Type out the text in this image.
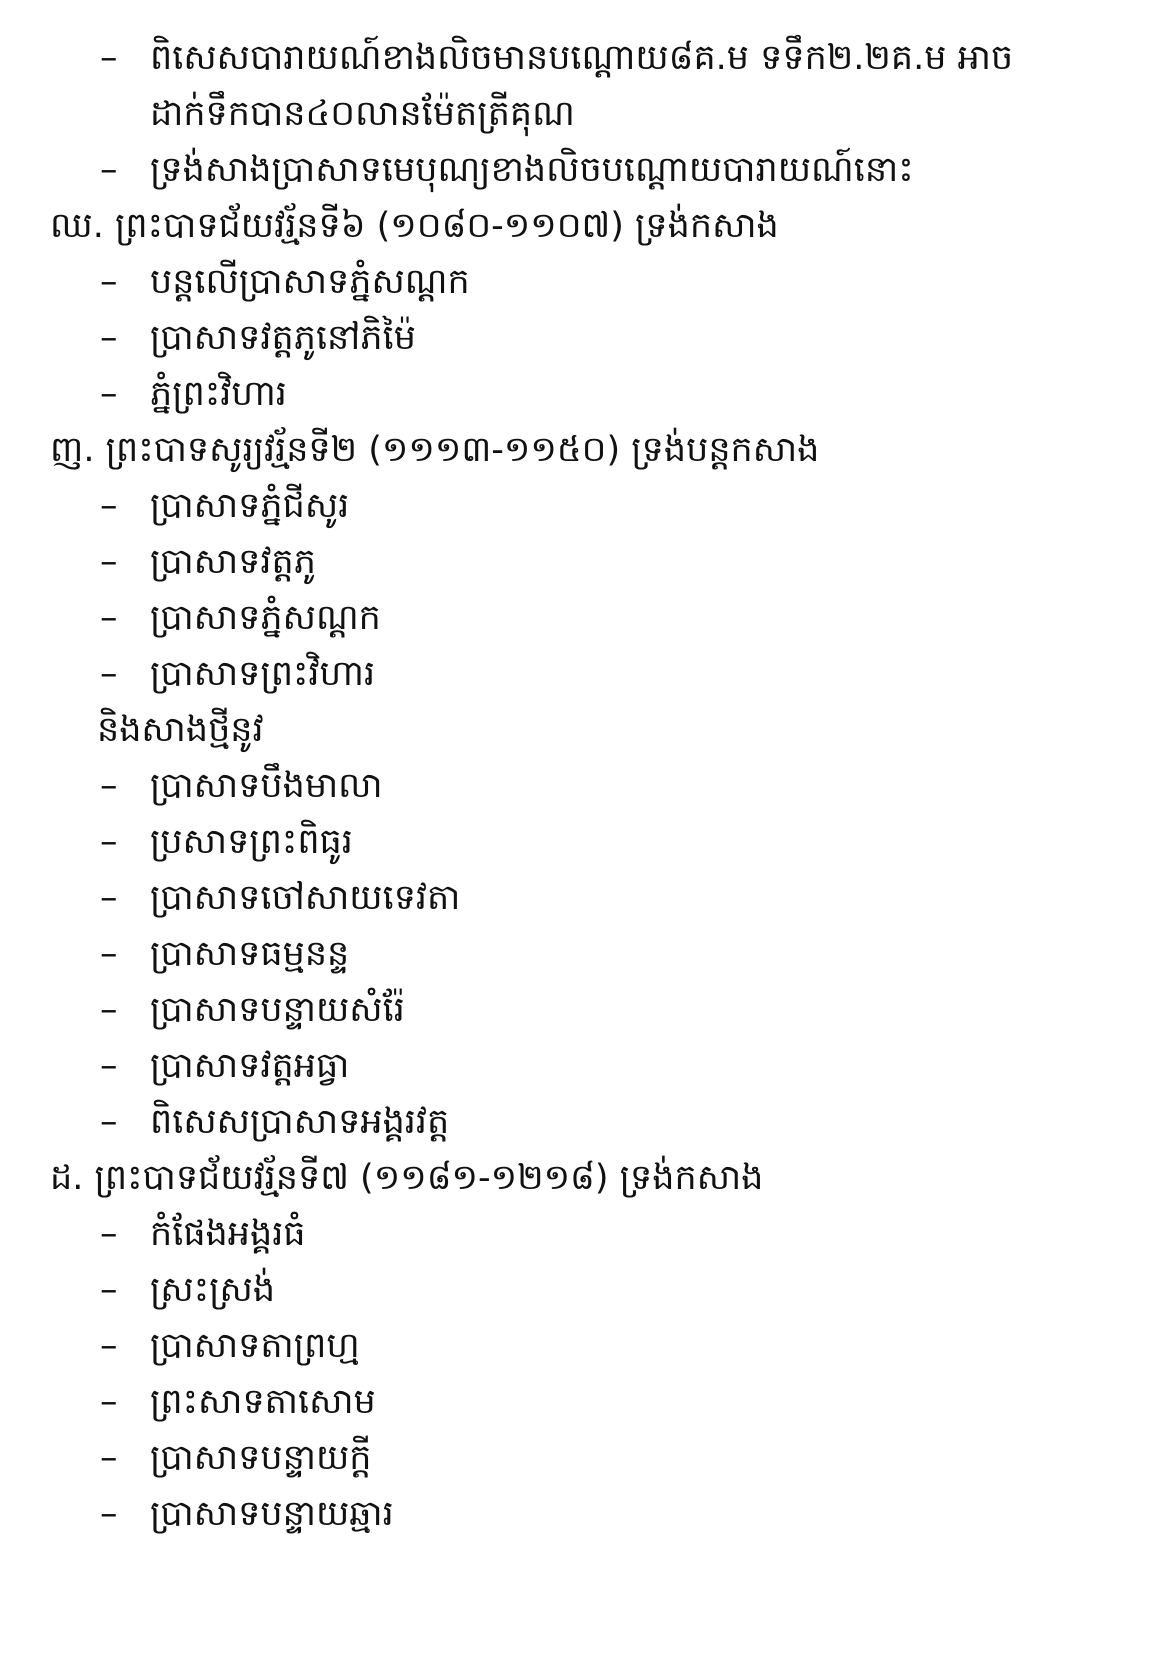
– ពិសេសបារាយណ៍ខាងលិចមានបណ្ដោយ៨គ.ម ទទឹក២.២គ.ម អាច
ដាក់ទឹកបាន៤០លានម៉ែតត្រីគុណ
– ទ្រង់សាងប្រាសាទមេបុណ្យខាងលិចបណ្ដោយបារាយណ៍នោះ
ឈ. ព្រះបាទជ័យវរ្ម័នទី៦ (១០៨០-១១០៧) ទ្រង់កសាង
– បន្តលើប្រាសាទភ្នំសណ្ដក
– ប្រាសាទវត្តភូនៅភិម៉ៃ
– ភ្នំព្រះវិហារ
ញ. ព្រះបាទសូរ្យវរ្ម័នទី២ (១១១៣-១១៥០) ទ្រង់បន្តកសាង
– ប្រាសាទភ្នំជីសូរ
– ប្រាសាទវត្តភូ
– ប្រាសាទភ្នំសណ្ដក
– ប្រាសាទព្រះវិហារ
និងសាងថ្មីនូវ
– ប្រាសាទបឹងមាលា
– ប្រសាទព្រះពិធូរ
– ប្រាសាទចៅសាយទេវតា
– ប្រាសាទធម្មនន្ទ
– ប្រាសាទបន្ទាយសំរ៉ែ
– ប្រាសាទវត្តអធ្វា
– ពិសេសប្រាសាទអង្គរវត្ត
ដ. ព្រះបាទជ័យវរ្ម័នទី៧ (១១៨១-១២១៨) ទ្រង់កសាង
– កំផែងអង្គរធំ
– ស្រះស្រង់
– ប្រាសាទតាព្រហ្ម
– ព្រះសាទតាសោម
– ប្រាសាទបន្ទាយក្ដី
– ប្រាសាទបន្ទាយឆ្មារ
